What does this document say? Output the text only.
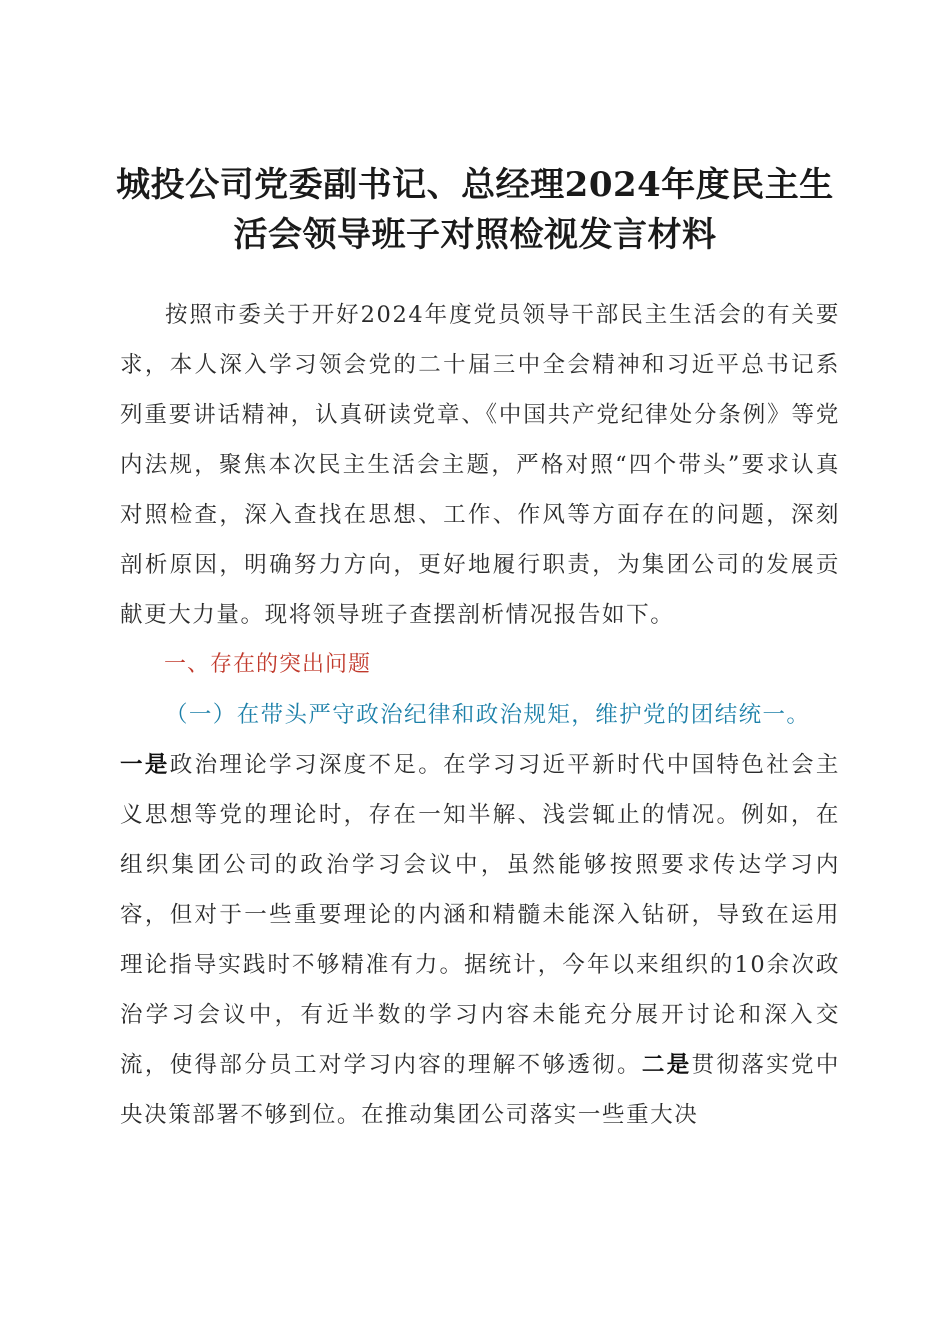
城投公司党委副书记、总经理2024年度民主生
活会领导班子对照检视发言材料

按照市委关于开好2024年度党员领导干部民主生活会的有关要求，本人深入学习领会党的二十届三中全会精神和习近平总书记系列重要讲话精神，认真研读党章、《中国共产党纪律处分条例》等党内法规，聚焦本次民主生活会主题，严格对照“四个带头”要求认真对照检查，深入查找在思想、工作、作风等方面存在的问题，深刻剖析原因，明确努力方向，更好地履行职责，为集团公司的发展贡献更大力量。现将领导班子查摆剖析情况报告如下。

一、存在的突出问题

（一）在带头严守政治纪律和政治规矩，维护党的团结统一。

一是政治理论学习深度不足。在学习习近平新时代中国特色社会主义思想等党的理论时，存在一知半解、浅尝辄止的情况。例如，在组织集团公司的政治学习会议中，虽然能够按照要求传达学习内容，但对于一些重要理论的内涵和精髓未能深入钻研，导致在运用理论指导实践时不够精准有力。据统计，今年以来组织的10余次政治学习会议中，有近半数的学习内容未能充分展开讨论和深入交流，使得部分员工对学习内容的理解不够透彻。二是贯彻落实党中央决策部署不够到位。在推动集团公司落实一些重大决
